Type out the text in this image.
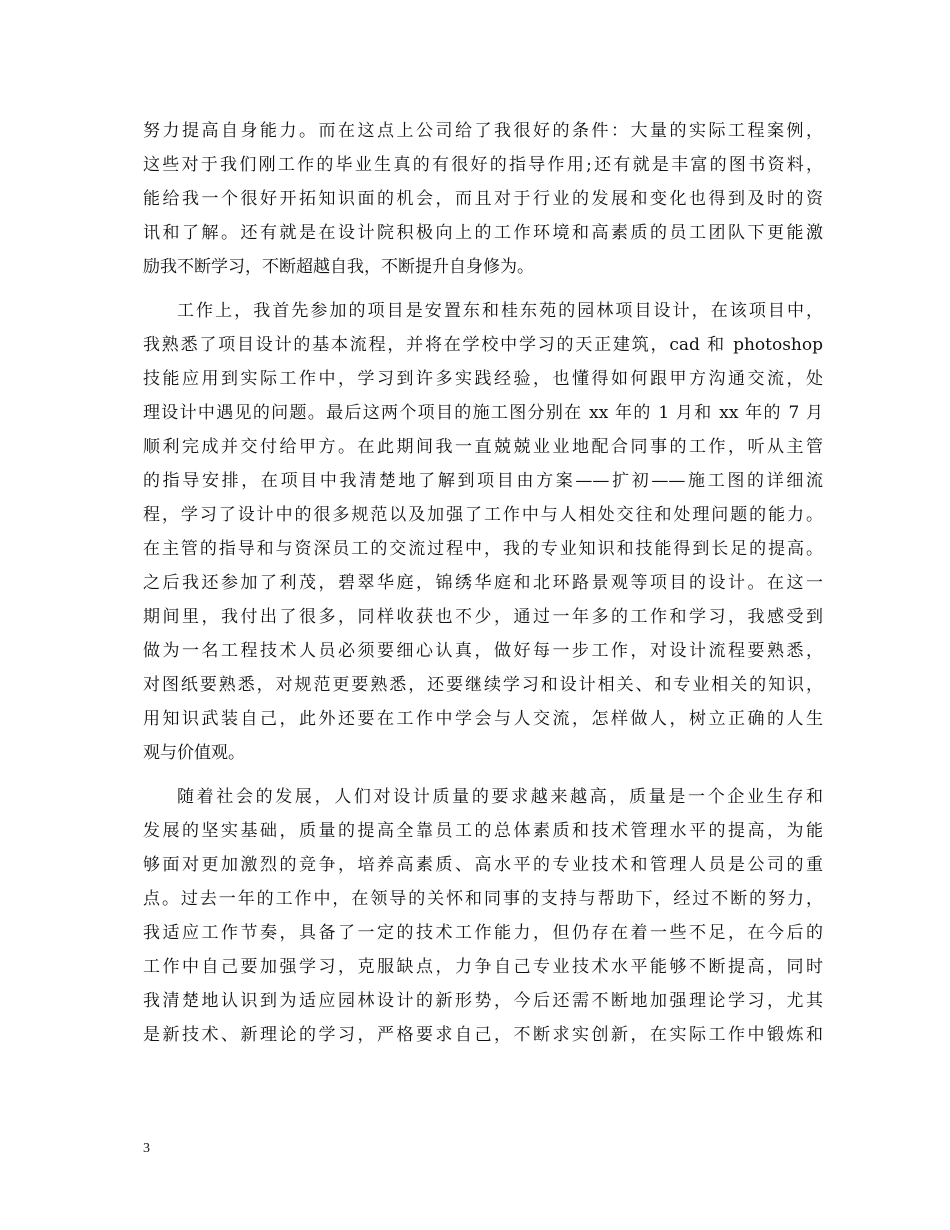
努力提高自身能力。而在这点上公司给了我很好的条件：大量的实际工程案例，

这些对于我们刚工作的毕业生真的有很好的指导作用;还有就是丰富的图书资料，

能给我一个很好开拓知识面的机会，而且对于行业的发展和变化也得到及时的资

讯和了解。还有就是在设计院积极向上的工作环境和高素质的员工团队下更能激

励我不断学习，不断超越自我，不断提升自身修为。

工作上，我首先参加的项目是安置东和桂东苑的园林项目设计，在该项目中，

我熟悉了项目设计的基本流程，并将在学校中学习的天正建筑，cad 和 photoshop

技能应用到实际工作中，学习到许多实践经验，也懂得如何跟甲方沟通交流，处

理设计中遇见的问题。最后这两个项目的施工图分别在 xx 年的 1 月和 xx 年的 7 月

顺利完成并交付给甲方。在此期间我一直兢兢业业地配合同事的工作，听从主管

的指导安排，在项目中我清楚地了解到项目由方案——扩初——施工图的详细流

程，学习了设计中的很多规范以及加强了工作中与人相处交往和处理问题的能力。

在主管的指导和与资深员工的交流过程中，我的专业知识和技能得到长足的提高。

之后我还参加了利茂，碧翠华庭，锦绣华庭和北环路景观等项目的设计。在这一

期间里，我付出了很多，同样收获也不少，通过一年多的工作和学习，我感受到

做为一名工程技术人员必须要细心认真，做好每一步工作，对设计流程要熟悉，

对图纸要熟悉，对规范更要熟悉，还要继续学习和设计相关、和专业相关的知识，

用知识武装自己，此外还要在工作中学会与人交流，怎样做人，树立正确的人生

观与价值观。

随着社会的发展，人们对设计质量的要求越来越高，质量是一个企业生存和

发展的坚实基础，质量的提高全靠员工的总体素质和技术管理水平的提高，为能

够面对更加激烈的竞争，培养高素质、高水平的专业技术和管理人员是公司的重

点。过去一年的工作中，在领导的关怀和同事的支持与帮助下，经过不断的努力，

我适应工作节奏，具备了一定的技术工作能力，但仍存在着一些不足，在今后的

工作中自己要加强学习，克服缺点，力争自己专业技术水平能够不断提高，同时

我清楚地认识到为适应园林设计的新形势，今后还需不断地加强理论学习，尤其

是新技术、新理论的学习，严格要求自己，不断求实创新，在实际工作中锻炼和

3
